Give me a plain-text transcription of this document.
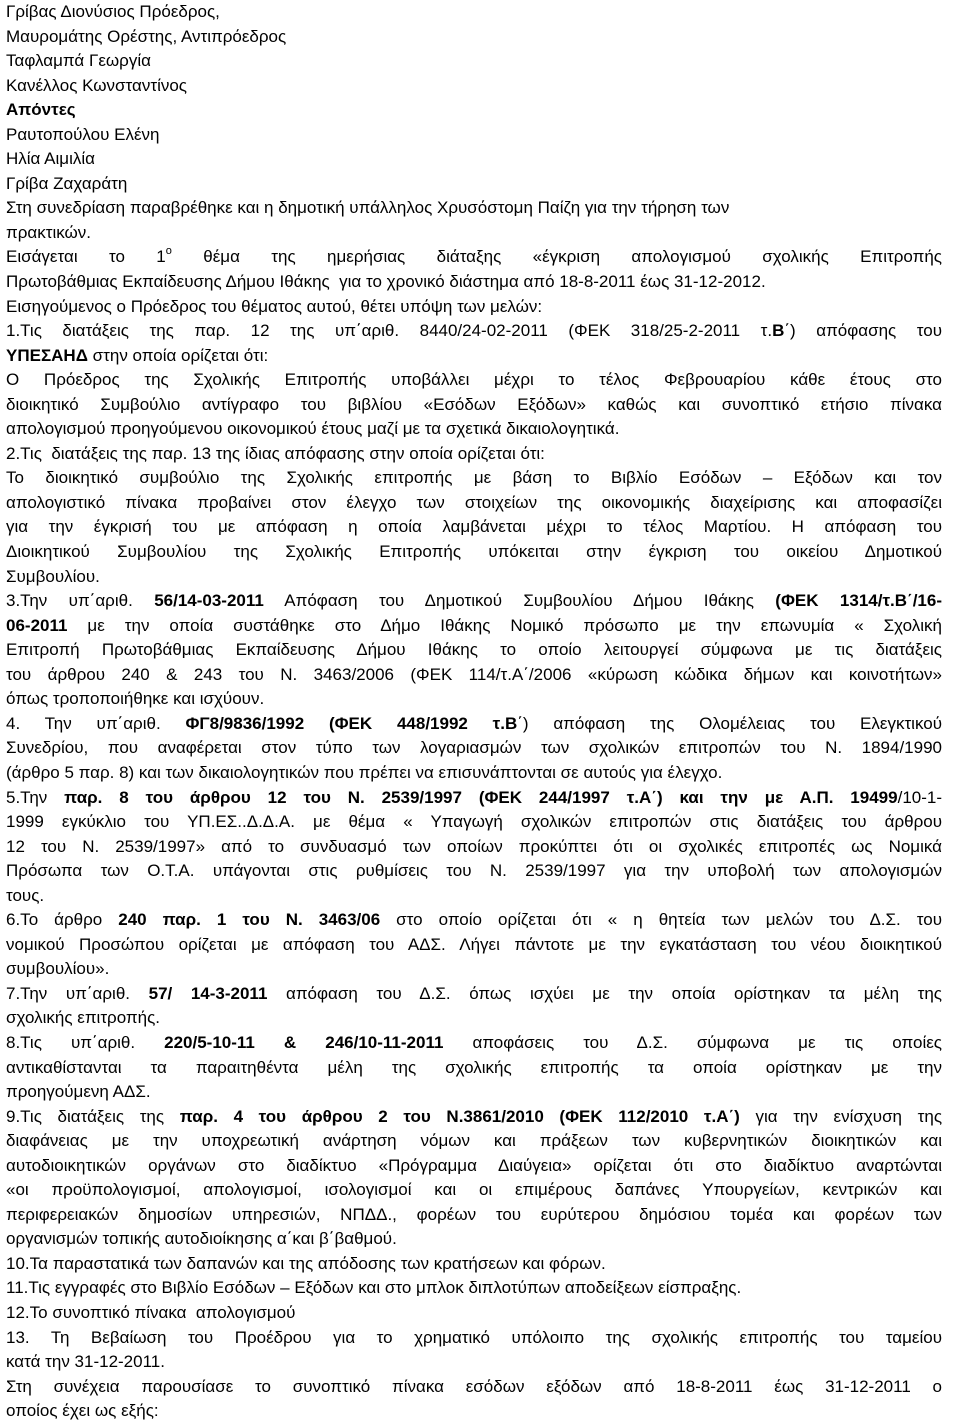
Γρίβας Διονύσιος Πρόεδρος,
Μαυρομάτης Ορέστης, Αντιπρόεδρος
Ταφλαμπά Γεωργία
Κανέλλος Κωνσταντίνος
Απόντες
Ραυτοπούλου Ελένη
Ηλία Αιμιλία
Γρίβα Ζαχαράτη
Στη συνεδρίαση παραβρέθηκε και η δημοτική υπάλληλος Χρυσόστομη Παίζη για την τήρηση των
πρακτικών.
Εισάγεται το $1^o$ θέμα της ημερήσιας διάταξης «έγκριση απολογισμού σχολικής Επιτροπής
Πρωτοβάθμιας Εκπαίδευσης Δήμου Ιθάκης  για το χρονικό διάστημα από 18-8-2011 έως 31-12-2012.
Εισηγούμενος ο Πρόεδρος του θέματος αυτού, θέτει υπόψη των μελών:
1.Τις διατάξεις της παρ. 12 της υπ΄αριθ. 8440/24-02-2011 (ΦΕΚ 318/25-2-2011 τ.Β΄) απόφασης του
ΥΠΕΣΑΗΔ στην οποία ορίζεται ότι:
Ο Πρόεδρος της Σχολικής Επιτροπής υποβάλλει μέχρι το τέλος Φεβρουαρίου κάθε έτους στο
διοικητικό Συμβούλιο αντίγραφο του βιβλίου «Εσόδων Εξόδων» καθώς και συνοπτικό ετήσιο πίνακα
απολογισμού προηγούμενου οικονομικού έτους μαζί με τα σχετικά δικαιολογητικά.
2.Τις  διατάξεις της παρ. 13 της ίδιας απόφασης στην οποία ορίζεται ότι:
Το διοικητικό συμβούλιο της Σχολικής επιτροπής με βάση το Βιβλίο Εσόδων – Εξόδων και τον
απολογιστικό πίνακα προβαίνει στον έλεγχο των στοιχείων της οικονομικής διαχείρισης και αποφασίζει
για την έγκρισή του με απόφαση η οποία λαμβάνεται μέχρι το τέλος Μαρτίου. Η απόφαση του
Διοικητικού Συμβουλίου της Σχολικής Επιτροπής υπόκειται στην έγκριση του οικείου Δημοτικού
Συμβουλίου.
3.Την υπ΄αριθ. 56/14-03-2011 Απόφαση του Δημοτικού Συμβουλίου Δήμου Ιθάκης (ΦΕΚ 1314/τ.Β΄/16-
06-2011 με την οποία συστάθηκε στο Δήμο Ιθάκης Νομικό πρόσωπο με την επωνυμία « Σχολική
Επιτροπή Πρωτοβάθμιας Εκπαίδευσης Δήμου Ιθάκης το οποίο λειτουργεί σύμφωνα με τις διατάξεις
του άρθρου 240 & 243 του Ν. 3463/2006 (ΦΕΚ 114/τ.Α΄/2006 «κύρωση κώδικα δήμων και κοινοτήτων»
όπως τροποποιήθηκε και ισχύουν.
4. Την υπ΄αριθ. ΦΓ8/9836/1992 (ΦΕΚ 448/1992 τ.Β΄) απόφαση της Ολομέλειας του Ελεγκτικού
Συνεδρίου, που αναφέρεται στον τύπο των λογαριασμών των σχολικών επιτροπών του Ν. 1894/1990
(άρθρο 5 παρ. 8) και των δικαιολογητικών που πρέπει να επισυνάπτονται σε αυτούς για έλεγχο.
5.Την παρ. 8 του άρθρου 12 του Ν. 2539/1997 (ΦΕΚ 244/1997 τ.Α΄) και την με Α.Π. 19499/10-1-
1999 εγκύκλιο του ΥΠ.ΕΣ..Δ.Δ.Α. με θέμα « Υπαγωγή σχολικών επιτροπών στις διατάξεις του άρθρου
12 του Ν. 2539/1997» από το συνδυασμό των οποίων προκύπτει ότι οι σχολικές επιτροπές ως Νομικά
Πρόσωπα των Ο.Τ.Α. υπάγονται στις ρυθμίσεις του Ν. 2539/1997 για την υποβολή των απολογισμών
τους.
6.Το άρθρο 240 παρ. 1 του Ν. 3463/06 στο οποίο ορίζεται ότι « η θητεία των μελών του Δ.Σ. του
νομικού Προσώπου ορίζεται με απόφαση του ΑΔΣ. Λήγει πάντοτε με την εγκατάσταση του νέου διοικητικού
συμβουλίου».
7.Την υπ΄αριθ. 57/ 14-3-2011 απόφαση του Δ.Σ. όπως ισχύει με την οποία ορίστηκαν τα μέλη της
σχολικής επιτροπής.
8.Τις υπ΄αριθ. 220/5-10-11 & 246/10-11-2011 αποφάσεις του Δ.Σ. σύμφωνα με τις οποίες
αντικαθίστανται τα παραιτηθέντα μέλη της σχολικής επιτροπής τα οποία ορίστηκαν με την
προηγούμενη ΑΔΣ.
9.Τις διατάξεις της παρ. 4 του άρθρου 2 του Ν.3861/2010 (ΦΕΚ 112/2010 τ.Α΄) για την ενίσχυση της
διαφάνειας με την υποχρεωτική ανάρτηση νόμων και πράξεων των κυβερνητικών διοικητικών και
αυτοδιοικητικών οργάνων στο διαδίκτυο «Πρόγραμμα Διαύγεια» ορίζεται ότι στο διαδίκτυο αναρτώνται
«οι προϋπολογισμοί, απολογισμοί, ισολογισμοί και οι επιμέρους δαπάνες Υπουργείων, κεντρικών και
περιφερειακών δημοσίων υπηρεσιών, ΝΠΔΔ., φορέων του ευρύτερου δημόσιου τομέα και φορέων των
οργανισμών τοπικής αυτοδιοίκησης α΄και β΄βαθμού.
10.Τα παραστατικά των δαπανών και της απόδοσης των κρατήσεων και φόρων.
11.Τις εγγραφές στο Βιβλίο Εσόδων – Εξόδων και στο μπλοκ διπλοτύπων αποδείξεων είσπραξης.
12.Το συνοπτικό πίνακα  απολογισμού
13. Τη Βεβαίωση του Προέδρου για το χρηματικό υπόλοιπο της σχολικής επιτροπής του ταμείου
κατά την 31-12-2011.
Στη συνέχεια παρουσίασε το συνοπτικό πίνακα εσόδων εξόδων από 18-8-2011 έως 31-12-2011 ο
οποίος έχει ως εξής:
